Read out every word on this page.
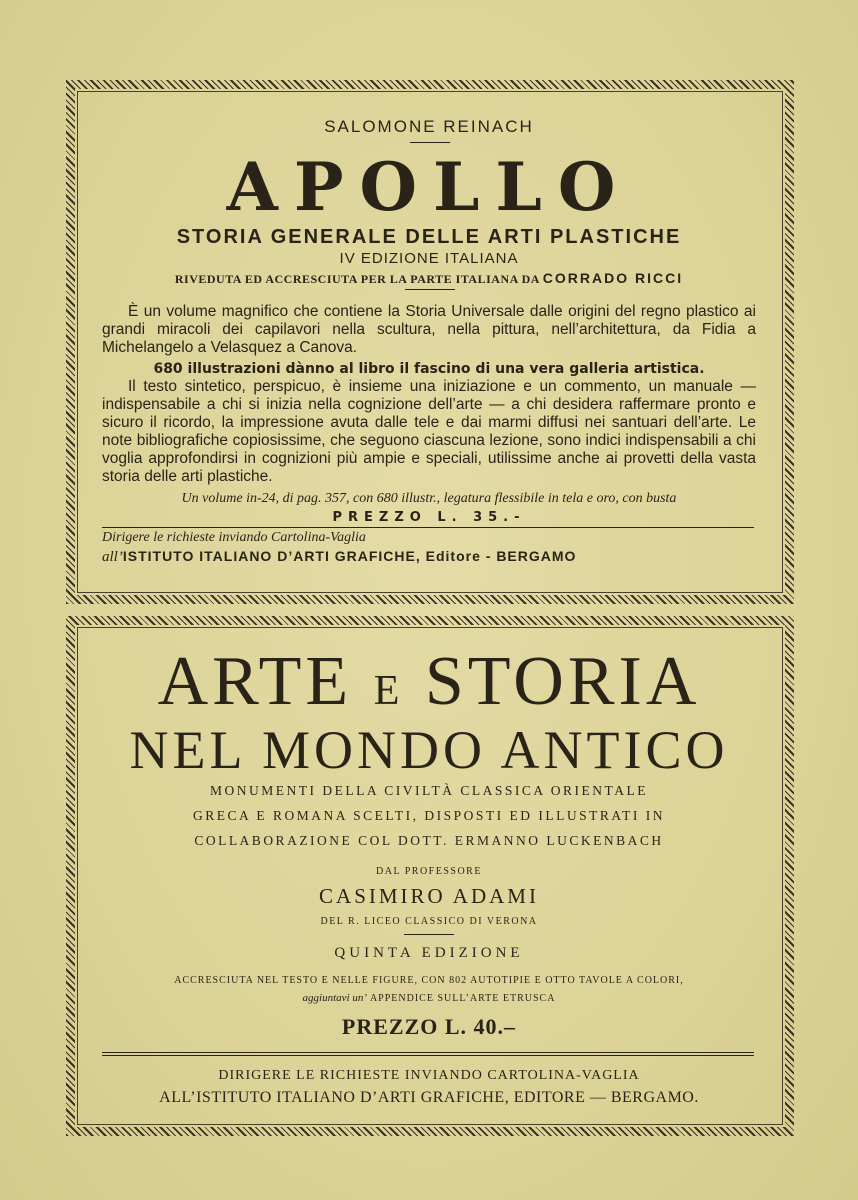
SALOMONE REINACH
APOLLO
STORIA GENERALE DELLE ARTI PLASTICHE
IV EDIZIONE ITALIANA
RIVEDUTA ED ACCRESCIUTA PER LA PARTE ITALIANA DA CORRADO RICCI
È un volume magnifico che contiene la Storia Universale dalle origini del regno plastico ai grandi miracoli dei capilavori nella scultura, nella pittura, nell’architettura, da Fidia a Michelangelo a Velasquez a Canova.
680 illustrazioni dànno al libro il fascino di una vera galleria artistica.
Il testo sintetico, perspicuo, è insieme una iniziazione e un commento, un manuale — indispensabile a chi si inizia nella cognizione dell’arte — a chi desidera raffermare pronto e sicuro il ricordo, la impressione avuta dalle tele e dai marmi diffusi nei santuari dell’arte. Le note bibliografiche copiosissime, che seguono ciascuna lezione, sono indici indispensabili a chi voglia approfondirsi in cognizioni più ampie e speciali, utilissime anche ai provetti della vasta storia delle arti plastiche.
Un volume in-24, di pag. 357, con 680 illustr., legatura flessibile in tela e oro, con busta
PREZZO L. 35.-
Dirigere le richieste inviando Cartolina-Vaglia
all’ISTITUTO ITALIANO D’ARTI GRAFICHE, Editore - BERGAMO
ARTE E STORIA
NEL MONDO ANTICO
MONUMENTI DELLA CIVILTÀ CLASSICA ORIENTALE
GRECA E ROMANA SCELTI, DISPOSTI ED ILLUSTRATI IN
COLLABORAZIONE COL DOTT. ERMANNO LUCKENBACH
DAL PROFESSORE
CASIMIRO ADAMI
DEL R. LICEO CLASSICO DI VERONA
QUINTA EDIZIONE
ACCRESCIUTA NEL TESTO E NELLE FIGURE, CON 802 AUTOTIPIE E OTTO TAVOLE A COLORI,
aggiuntavi un’ APPENDICE SULL’ARTE ETRUSCA
PREZZO L. 40.–
DIRIGERE LE RICHIESTE INVIANDO CARTOLINA-VAGLIA
ALL’ISTITUTO ITALIANO D’ARTI GRAFICHE, EDITORE — BERGAMO.
